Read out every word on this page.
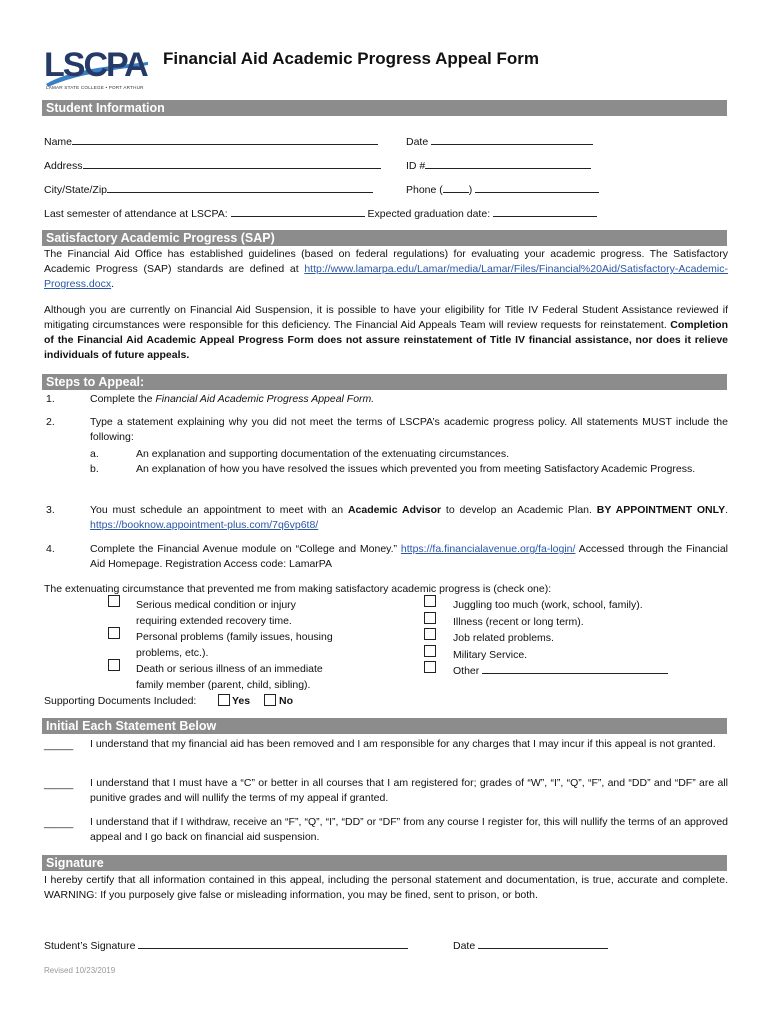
LSCPA
LAMAR STATE COLLEGE • PORT ARTHUR
Financial Aid Academic Progress Appeal Form
Student Information
Name	Date
Address	ID #
City/State/Zip	Phone ( )
Last semester of attendance at LSCPA:	Expected graduation date:
Satisfactory Academic Progress (SAP)
The Financial Aid Office has established guidelines (based on federal regulations) for evaluating your academic progress. The Satisfactory Academic Progress (SAP) standards are defined at http://www.lamarpa.edu/Lamar/media/Lamar/Files/Financial%20Aid/Satisfactory-Academic-Progress.docx.
Although you are currently on Financial Aid Suspension, it is possible to have your eligibility for Title IV Federal Student Assistance reviewed if mitigating circumstances were responsible for this deficiency. The Financial Aid Appeals Team will review requests for reinstatement. Completion of the Financial Aid Academic Appeal Progress Form does not assure reinstatement of Title IV financial assistance, nor does it relieve individuals of future appeals.
Steps to Appeal:
1.	Complete the Financial Aid Academic Progress Appeal Form.
2.	Type a statement explaining why you did not meet the terms of LSCPA’s academic progress policy. All statements MUST include the following:
a.	An explanation and supporting documentation of the extenuating circumstances.
b.	An explanation of how you have resolved the issues which prevented you from meeting Satisfactory Academic Progress.
3.	You must schedule an appointment to meet with an Academic Advisor to develop an Academic Plan. BY APPOINTMENT ONLY. https://booknow.appointment-plus.com/7q6vp6t8/
4.	Complete the Financial Avenue module on “College and Money.” https://fa.financialavenue.org/fa-login/ Accessed through the Financial Aid Homepage. Registration Access code: LamarPA
The extenuating circumstance that prevented me from making satisfactory academic progress is (check one):
Serious medical condition or injury
requiring extended recovery time.
Personal problems (family issues, housing
problems, etc.).
Death or serious illness of an immediate
family member (parent, child, sibling).
Juggling too much (work, school, family).
Illness (recent or long term).
Job related problems.
Military Service.
Other
Supporting Documents Included:	Yes	No
Initial Each Statement Below
_____ I understand that my financial aid has been removed and I am responsible for any charges that I may incur if this appeal is not granted.
_____ I understand that I must have a “C” or better in all courses that I am registered for; grades of “W”, “I”, “Q”, “F”, and “DD” and “DF” are all punitive grades and will nullify the terms of my appeal if granted.
_____ I understand that if I withdraw, receive an “F”, “Q”, “I”, “DD” or “DF” from any course I register for, this will nullify the terms of an approved appeal and I go back on financial aid suspension.
Signature
I hereby certify that all information contained in this appeal, including the personal statement and documentation, is true, accurate and complete. WARNING: If you purposely give false or misleading information, you may be fined, sent to prison, or both.
Student’s Signature	Date
Revised 10/23/2019
